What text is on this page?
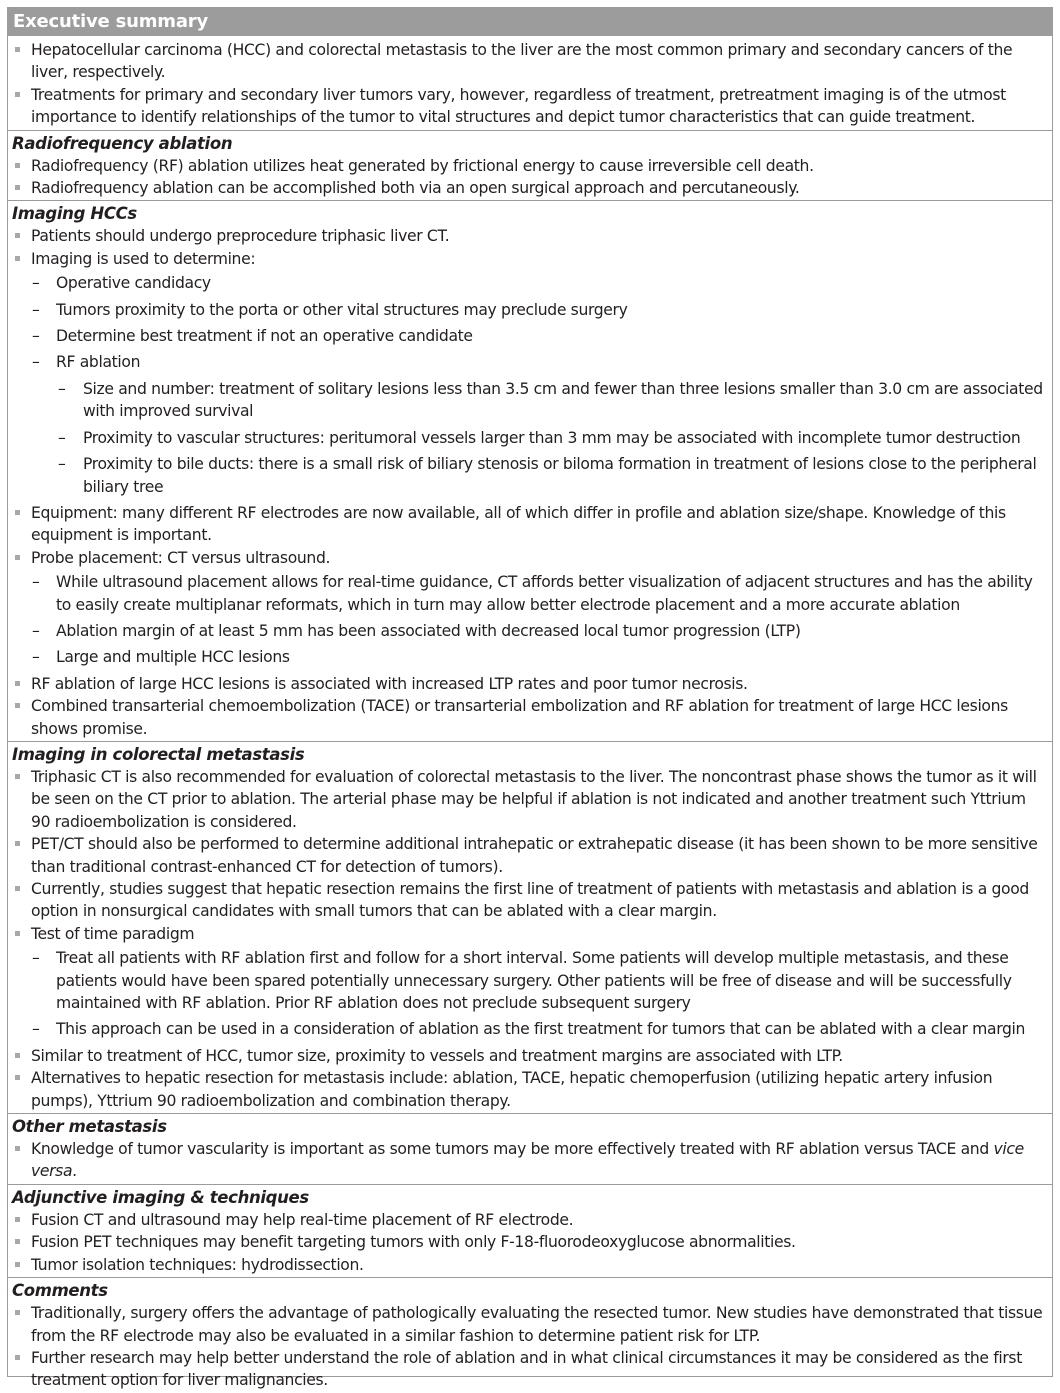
Executive summary
Hepatocellular carcinoma (HCC) and colorectal metastasis to the liver are the most common primary and secondary cancers of the liver, respectively.
Treatments for primary and secondary liver tumors vary, however, regardless of treatment, pretreatment imaging is of the utmost importance to identify relationships of the tumor to vital structures and depict tumor characteristics that can guide treatment.
Radiofrequency ablation
Radiofrequency (RF) ablation utilizes heat generated by frictional energy to cause irreversible cell death.
Radiofrequency ablation can be accomplished both via an open surgical approach and percutaneously.
Imaging HCCs
Patients should undergo preprocedure triphasic liver CT.
Imaging is used to determine:
– Operative candidacy
– Tumors proximity to the porta or other vital structures may preclude surgery
– Determine best treatment if not an operative candidate
– RF ablation
– Size and number: treatment of solitary lesions less than 3.5 cm and fewer than three lesions smaller than 3.0 cm are associated with improved survival
– Proximity to vascular structures: peritumoral vessels larger than 3 mm may be associated with incomplete tumor destruction
– Proximity to bile ducts: there is a small risk of biliary stenosis or biloma formation in treatment of lesions close to the peripheral biliary tree
Equipment: many different RF electrodes are now available, all of which differ in profile and ablation size/shape. Knowledge of this equipment is important.
Probe placement: CT versus ultrasound.
– While ultrasound placement allows for real-time guidance, CT affords better visualization of adjacent structures and has the ability to easily create multiplanar reformats, which in turn may allow better electrode placement and a more accurate ablation
– Ablation margin of at least 5 mm has been associated with decreased local tumor progression (LTP)
– Large and multiple HCC lesions
RF ablation of large HCC lesions is associated with increased LTP rates and poor tumor necrosis.
Combined transarterial chemoembolization (TACE) or transarterial embolization and RF ablation for treatment of large HCC lesions shows promise.
Imaging in colorectal metastasis
Triphasic CT is also recommended for evaluation of colorectal metastasis to the liver. The noncontrast phase shows the tumor as it will be seen on the CT prior to ablation. The arterial phase may be helpful if ablation is not indicated and another treatment such Yttrium 90 radioembolization is considered.
PET/CT should also be performed to determine additional intrahepatic or extrahepatic disease (it has been shown to be more sensitive than traditional contrast-enhanced CT for detection of tumors).
Currently, studies suggest that hepatic resection remains the first line of treatment of patients with metastasis and ablation is a good option in nonsurgical candidates with small tumors that can be ablated with a clear margin.
Test of time paradigm
– Treat all patients with RF ablation first and follow for a short interval. Some patients will develop multiple metastasis, and these patients would have been spared potentially unnecessary surgery. Other patients will be free of disease and will be successfully maintained with RF ablation. Prior RF ablation does not preclude subsequent surgery
– This approach can be used in a consideration of ablation as the first treatment for tumors that can be ablated with a clear margin
Similar to treatment of HCC, tumor size, proximity to vessels and treatment margins are associated with LTP.
Alternatives to hepatic resection for metastasis include: ablation, TACE, hepatic chemoperfusion (utilizing hepatic artery infusion pumps), Yttrium 90 radioembolization and combination therapy.
Other metastasis
Knowledge of tumor vascularity is important as some tumors may be more effectively treated with RF ablation versus TACE and vice versa.
Adjunctive imaging & techniques
Fusion CT and ultrasound may help real-time placement of RF electrode.
Fusion PET techniques may benefit targeting tumors with only F-18-fluorodeoxyglucose abnormalities.
Tumor isolation techniques: hydrodissection.
Comments
Traditionally, surgery offers the advantage of pathologically evaluating the resected tumor. New studies have demonstrated that tissue from the RF electrode may also be evaluated in a similar fashion to determine patient risk for LTP.
Further research may help better understand the role of ablation and in what clinical circumstances it may be considered as the first treatment option for liver malignancies.
